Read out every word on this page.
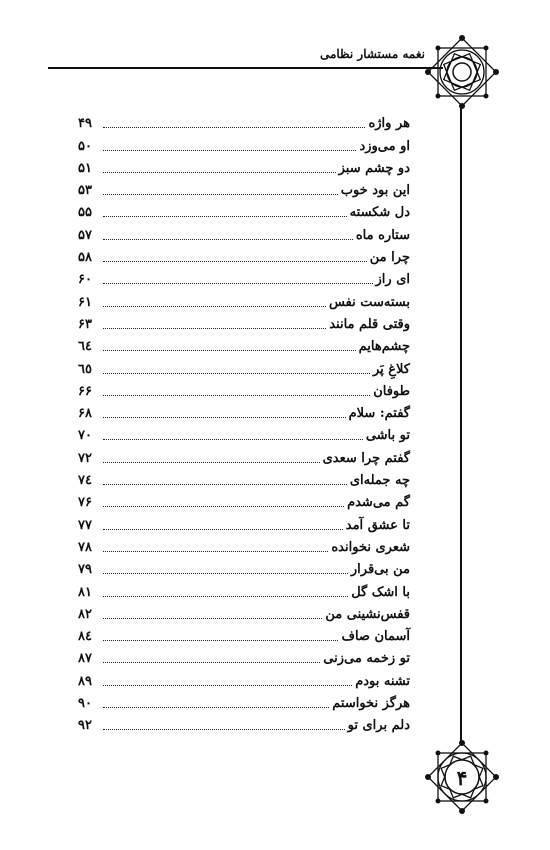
نغمه مستشار نظامی
۴
هر واژه
۴۹
او می‌وزد
۵۰
دو چشم سبز
۵۱
این بود خوب
۵۳
دل شکسته
۵۵
ستاره ماه
۵۷
چرا من
۵۸
ای راز
۶۰
بسته‌ست نفس
۶۱
وقتی قلم مانند
۶۳
چشم‌هایم
٦٤
کلاغِ پَر
٦٥
طوفان
۶۶
گفتم: سلام
۶۸
تو باشی
۷۰
گفتم چرا سعدی
۷۲
چه جمله‌ای
۷٤
گم می‌شدم
۷۶
تا عشق آمد
۷۷
شعری نخوانده
۷۸
من بی‌قرار
۷۹
با اشک گل
۸۱
قفس‌نشینی من
۸۲
آسمان صاف
۸٤
تو زخمه می‌زنی
۸۷
تشنه بودم
۸۹
هرگز نخواستم
۹۰
دلم برای تو
۹۲
